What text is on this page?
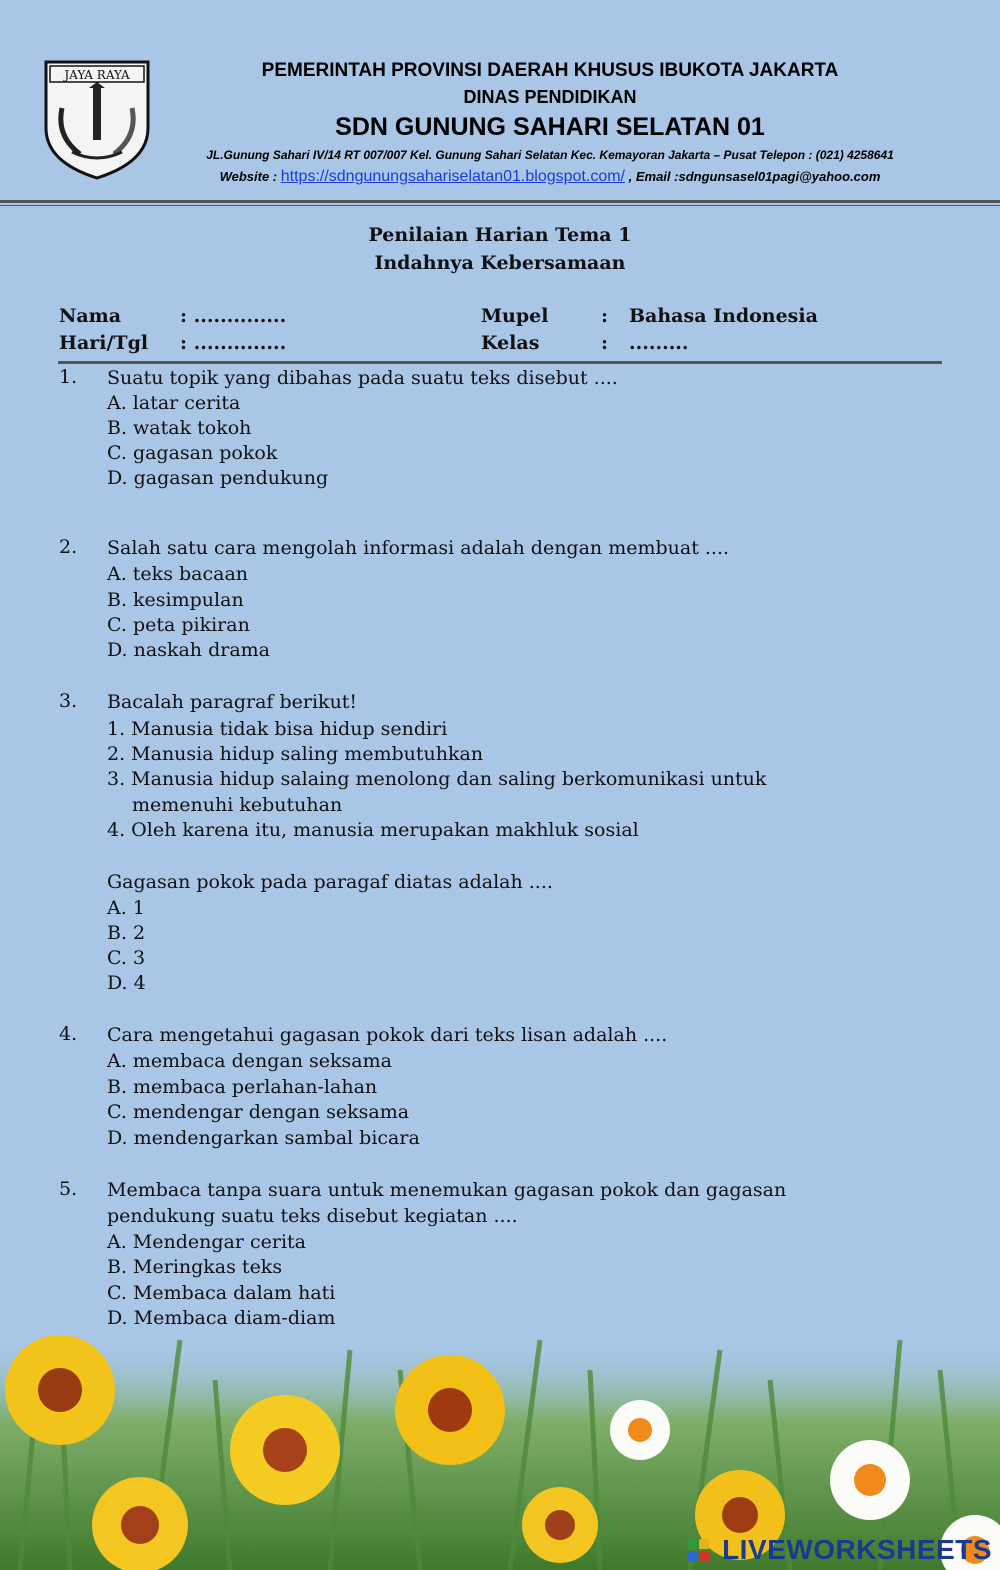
JAYA RAYA	PEMERINTAH PROVINSI DAERAH KHUSUS IBUKOTA JAKARTA
DINAS PENDIDIKAN
SDN GUNUNG SAHARI SELATAN 01
JL.Gunung Sahari IV/14 RT 007/007 Kel. Gunung Sahari Selatan Kec. Kemayoran Jakarta – Pusat Telepon : (021) 4258641
Website : https://sdngunungsahariselatan01.blogspot.com/ , Email :sdngunsasel01pagi@yahoo.com
Penilaian Harian Tema 1
Indahnya Kebersamaan
Nama	: ..............
Hari/Tgl : ..............
Mupel	: Bahasa Indonesia
Kelas	: .........
1. Suatu topik yang dibahas pada suatu teks disebut ....
A. latar cerita
B. watak tokoh
C. gagasan pokok
D. gagasan pendukung
2. Salah satu cara mengolah informasi adalah dengan membuat ....
A. teks bacaan
B. kesimpulan
C. peta pikiran
D. naskah drama
3. Bacalah paragraf berikut!
1. Manusia tidak bisa hidup sendiri
2. Manusia hidup saling membutuhkan
3. Manusia hidup salaing menolong dan saling berkomunikasi untuk
memenuhi kebutuhan
4. Oleh karena itu, manusia merupakan makhluk sosial
Gagasan pokok pada paragaf diatas adalah ....
A. 1
B. 2
C. 3
D. 4
4. Cara mengetahui gagasan pokok dari teks lisan adalah ....
A. membaca dengan seksama
B. membaca perlahan-lahan
C. mendengar dengan seksama
D. mendengarkan sambal bicara
5. Membaca tanpa suara untuk menemukan gagasan pokok dan gagasan
pendukung suatu teks disebut kegiatan ....
A. Mendengar cerita
B. Meringkas teks
C. Membaca dalam hati
D. Membaca diam-diam
LIVEWORKSHEETS
